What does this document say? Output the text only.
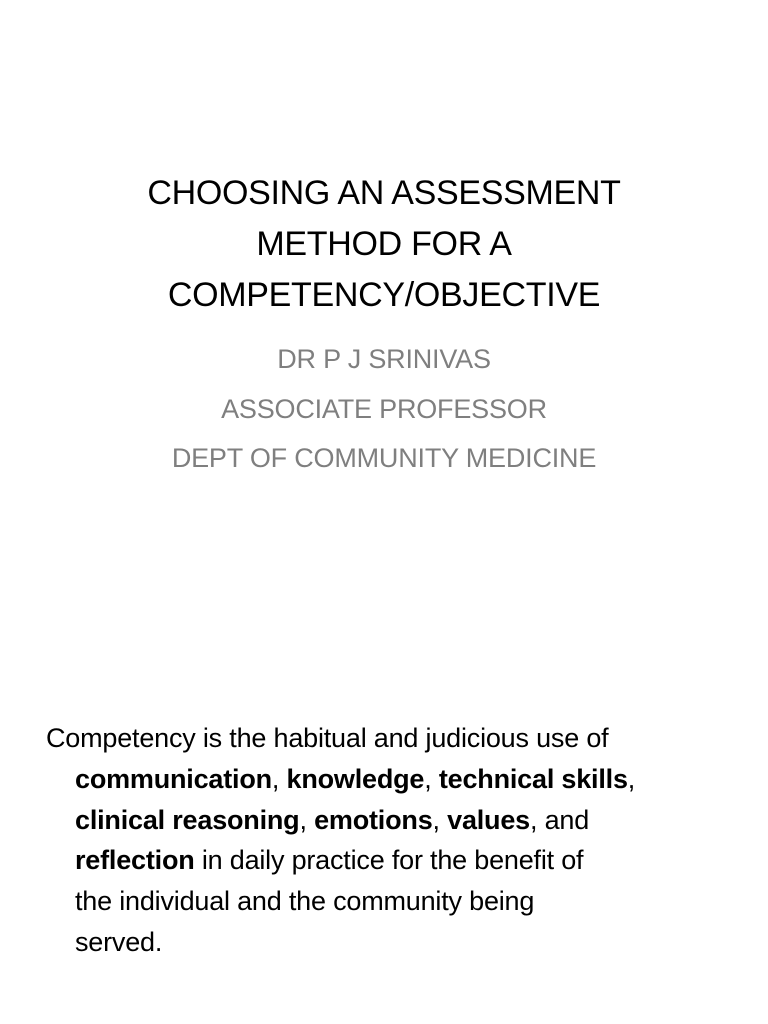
CHOOSING AN ASSESSMENT
METHOD FOR A
COMPETENCY/OBJECTIVE
DR P J SRINIVAS
ASSOCIATE PROFESSOR
DEPT OF COMMUNITY MEDICINE
Competency is the habitual and judicious use of
communication, knowledge, technical skills,
clinical reasoning, emotions, values, and
reflection in daily practice for the benefit of
the individual and the community being
served.
